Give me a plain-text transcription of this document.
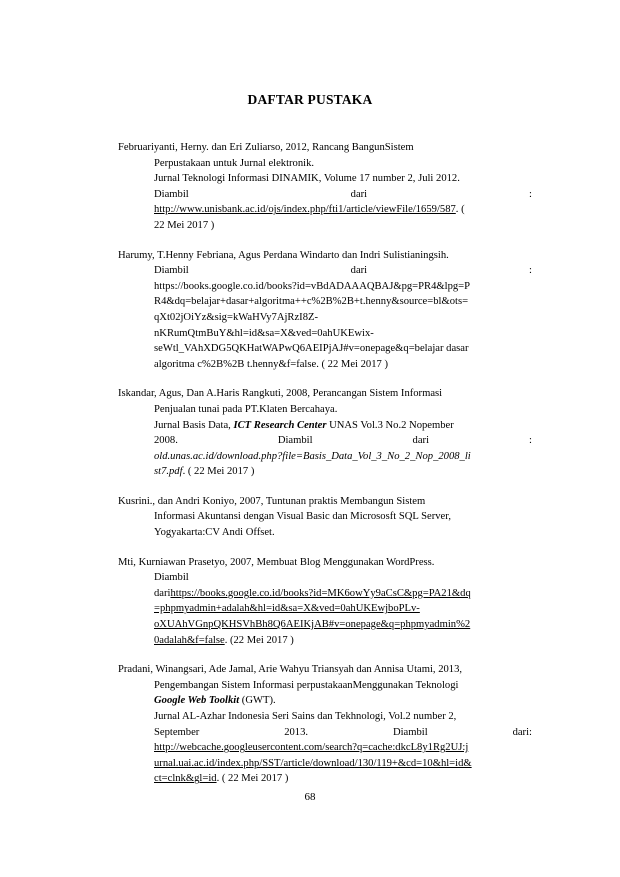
DAFTAR PUSTAKA
Februariyanti, Herny. dan Eri Zuliarso, 2012, Rancang BangunSistem
Perpustakaan untuk Jurnal elektronik.
Jurnal Teknologi Informasi DINAMIK, Volume 17 number 2, Juli 2012.
Diambil	dari	:
http://www.unisbank.ac.id/ojs/index.php/fti1/article/viewFile/1659/587. (
22 Mei 2017 )
Harumy, T.Henny Febriana, Agus Perdana Windarto dan Indri Sulistianingsih.
Diambil	dari	:
https://books.google.co.id/books?id=vBdADAAAQBAJ&pg=PR4&lpg=P
R4&dq=belajar+dasar+algoritma++c%2B%2B+t.henny&source=bl&ots=
qXt02jOiYz&sig=kWaHVy7AjRzI8Z-
nKRumQtmBuY&hl=id&sa=X&ved=0ahUKEwix-
seWtl_VAhXDG5QKHatWAPwQ6AEIPjAJ#v=onepage&q=belajar dasar
algoritma c%2B%2B t.henny&f=false. ( 22 Mei 2017 )
Iskandar, Agus, Dan A.Haris Rangkuti, 2008, Perancangan Sistem Informasi
Penjualan tunai pada PT.Klaten Bercahaya.
Jurnal Basis Data, ICT Research Center UNAS Vol.3 No.2 Nopember
2008.	Diambil	dari	:
old.unas.ac.id/download.php?file=Basis_Data_Vol_3_No_2_Nop_2008_li
st7.pdf. ( 22 Mei 2017 )
Kusrini., dan Andri Koniyo, 2007, Tuntunan praktis Membangun Sistem
Informasi Akuntansi dengan Visual Basic dan Micrososft SQL Server,
Yogyakarta:CV Andi Offset.
Mti, Kurniawan Prasetyo, 2007, Membuat Blog Menggunakan WordPress.
Diambil
darihttps://books.google.co.id/books?id=MK6owYy9aCsC&pg=PA21&dq
=phpmyadmin+adalah&hl=id&sa=X&ved=0ahUKEwjboPLv-
oXUAhVGnpQKHSVhBh8Q6AEIKjAB#v=onepage&q=phpmyadmin%2
0adalah&f=false. (22 Mei 2017 )
Pradani, Winangsari, Ade Jamal, Arie Wahyu Triansyah dan Annisa Utami, 2013,
Pengembangan Sistem Informasi perpustakaanMenggunakan Teknologi
Google Web Toolkit (GWT).
Jurnal AL-Azhar Indonesia Seri Sains dan Tekhnologi, Vol.2 number 2,
September	2013.	Diambil	dari:
http://webcache.googleusercontent.com/search?q=cache:dkcL8y1Rg2UJ:j
urnal.uai.ac.id/index.php/SST/article/download/130/119+&cd=10&hl=id&
ct=clnk&gl=id. ( 22 Mei 2017 )
68
